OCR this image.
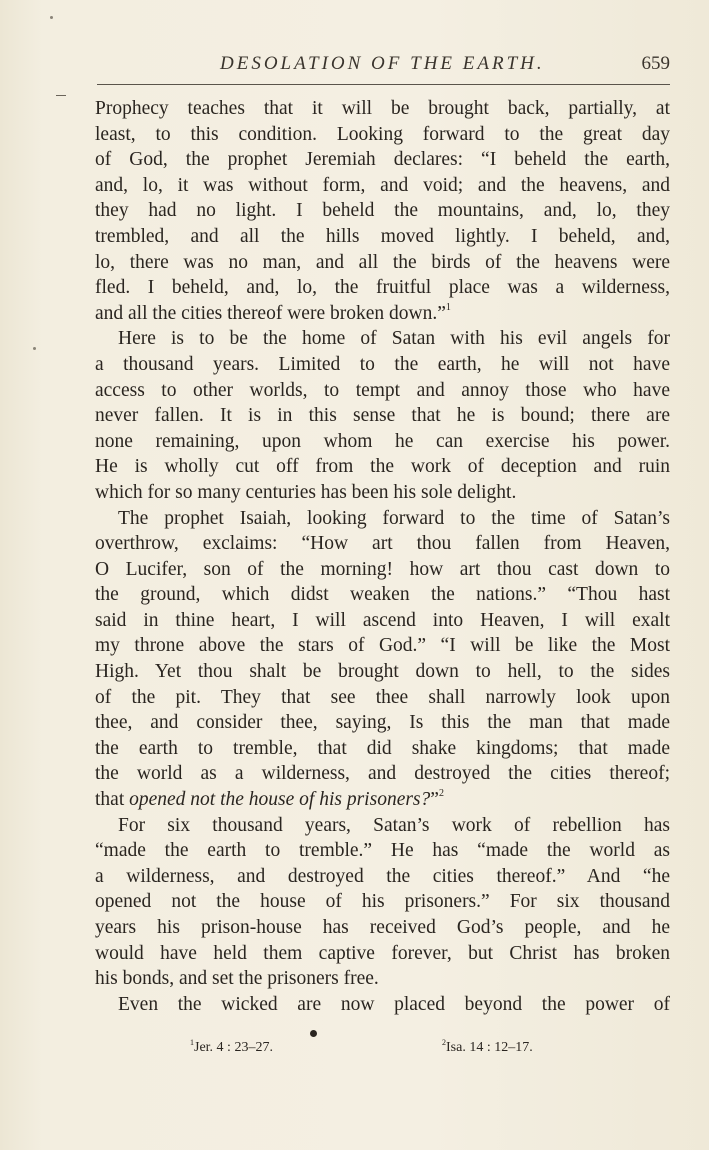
DESOLATION OF THE EARTH.	659
Prophecy teaches that it will be brought back, partially, at
least, to this condition. Looking forward to the great day
of God, the prophet Jeremiah declares: “I beheld the earth,
and, lo, it was without form, and void; and the heavens, and
they had no light. I beheld the mountains, and, lo, they
trembled, and all the hills moved lightly. I beheld, and,
lo, there was no man, and all the birds of the heavens were
fled. I beheld, and, lo, the fruitful place was a wilderness,
and all the cities thereof were broken down.”$^1$
Here is to be the home of Satan with his evil angels for
a thousand years. Limited to the earth, he will not have
access to other worlds, to tempt and annoy those who have
never fallen. It is in this sense that he is bound; there are
none remaining, upon whom he can exercise his power.
He is wholly cut off from the work of deception and ruin
which for so many centuries has been his sole delight.
The prophet Isaiah, looking forward to the time of Satan’s
overthrow, exclaims: “How art thou fallen from Heaven,
O Lucifer, son of the morning! how art thou cast down to
the ground, which didst weaken the nations.” “Thou hast
said in thine heart, I will ascend into Heaven, I will exalt
my throne above the stars of God.” “I will be like the Most
High. Yet thou shalt be brought down to hell, to the sides
of the pit. They that see thee shall narrowly look upon
thee, and consider thee, saying, Is this the man that made
the earth to tremble, that did shake kingdoms; that made
the world as a wilderness, and destroyed the cities thereof;
that opened not the house of his prisoners?”$^2$
For six thousand years, Satan’s work of rebellion has
“made the earth to tremble.” He has “made the world as
a wilderness, and destroyed the cities thereof.” And “he
opened not the house of his prisoners.” For six thousand
years his prison-house has received God’s people, and he
would have held them captive forever, but Christ has broken
his bonds, and set the prisoners free.
Even the wicked are now placed beyond the power of
$^1$Jer. 4 : 23–27.	$^2$Isa. 14 : 12–17.
